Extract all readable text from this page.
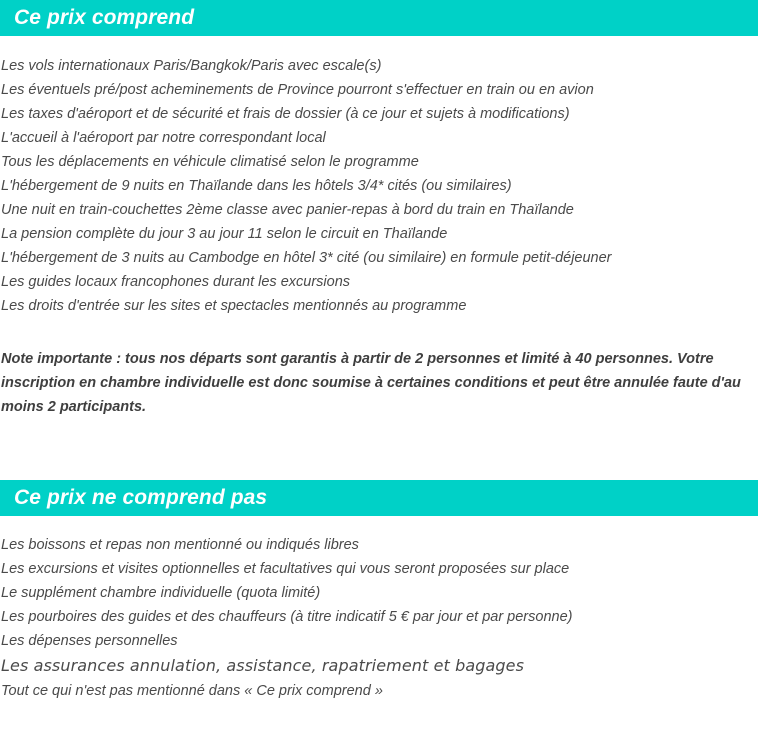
Ce prix comprend
Les vols internationaux Paris/Bangkok/Paris avec escale(s)
Les éventuels pré/post acheminements de Province pourront s'effectuer en train ou en avion
Les taxes d'aéroport et de sécurité et frais de dossier (à ce jour et sujets à modifications)
L'accueil à l'aéroport par notre correspondant local
Tous les déplacements en véhicule climatisé selon le programme
L'hébergement de 9 nuits en Thaïlande dans les hôtels 3/4* cités (ou similaires)
Une nuit en train-couchettes 2ème classe avec panier-repas à bord du train en Thaïlande
La pension complète du jour 3 au jour 11 selon le circuit en Thaïlande
L'hébergement de 3 nuits au Cambodge en hôtel 3* cité (ou similaire) en formule petit-déjeuner
Les guides locaux francophones durant les excursions
Les droits d'entrée sur les sites et spectacles mentionnés au programme

Note importante : tous nos départs sont garantis à partir de 2 personnes et limité à 40 personnes. Votre inscription en chambre individuelle est donc soumise à certaines conditions et peut être annulée faute d'au moins 2 participants.

Ce prix ne comprend pas
Les boissons et repas non mentionné ou indiqués libres
Les excursions et visites optionnelles et facultatives qui vous seront proposées sur place
Le supplément chambre individuelle (quota limité)
Les pourboires des guides et des chauffeurs (à titre indicatif 5 € par jour et par personne)
Les dépenses personnelles
Les assurances annulation, assistance, rapatriement et bagages
Tout ce qui n'est pas mentionné dans « Ce prix comprend »
